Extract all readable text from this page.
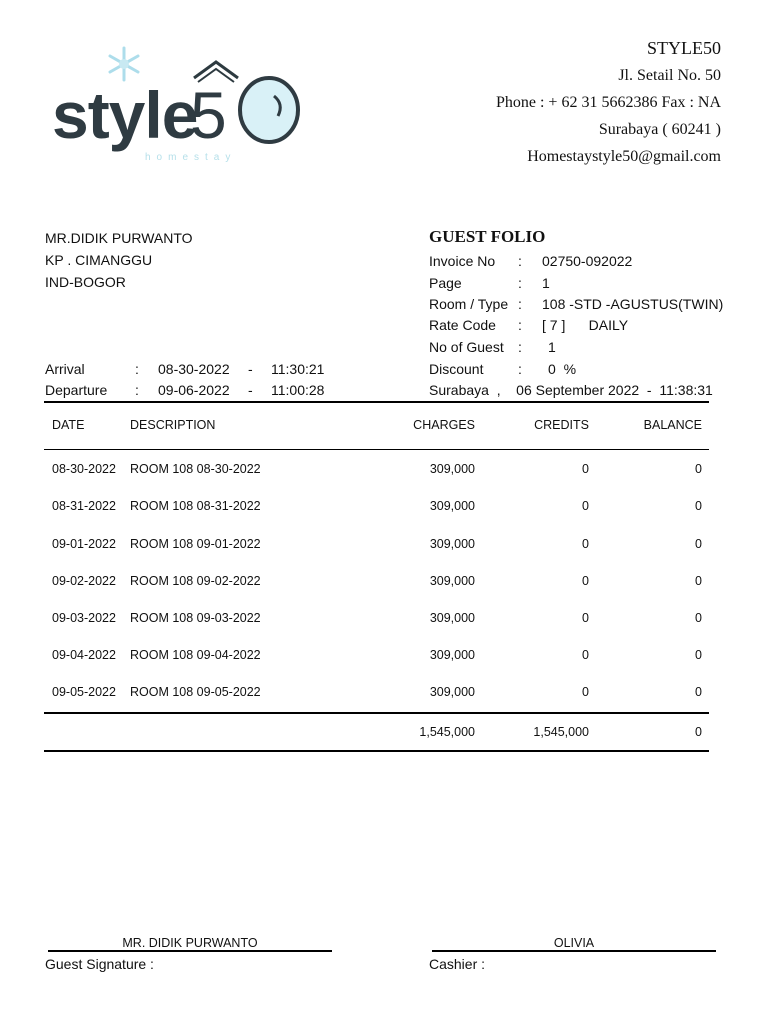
style
5
homestay
STYLE50
Jl. Setail No. 50
Phone : + 62 31 5662386 Fax : NA
Surabaya ( 60241 )
Homestaystyle50@gmail.com
MR.DIDIK PURWANTO
KP . CIMANGGU
IND-BOGOR
Arrival	: 08-30-2022 - 11:30:21
Departure : 09-06-2022 - 11:00:28
GUEST FOLIO
Invoice No : 02750-092022
Page	: 1
Room / Type : 108 -STD -AGUSTUS(TWIN)
Rate Code : [ 7 ]      DAILY
No of Guest : 1
Discount : 0  %
Surabaya  ,    06 September 2022  -  11:38:31
DATE	DESCRIPTION	CHARGES	CREDITS	BALANCE
08-30-2022 ROOM 108 08-30-2022	309,000	0	0
08-31-2022 ROOM 108 08-31-2022	309,000	0	0
09-01-2022 ROOM 108 09-01-2022	309,000	0	0
09-02-2022 ROOM 108 09-02-2022	309,000	0	0
09-03-2022 ROOM 108 09-03-2022	309,000	0	0
09-04-2022 ROOM 108 09-04-2022	309,000	0	0
09-05-2022 ROOM 108 09-05-2022	309,000	0	0
1,545,000	1,545,000	0
MR. DIDIK PURWANTO
Guest Signature :
OLIVIA
Cashier :
